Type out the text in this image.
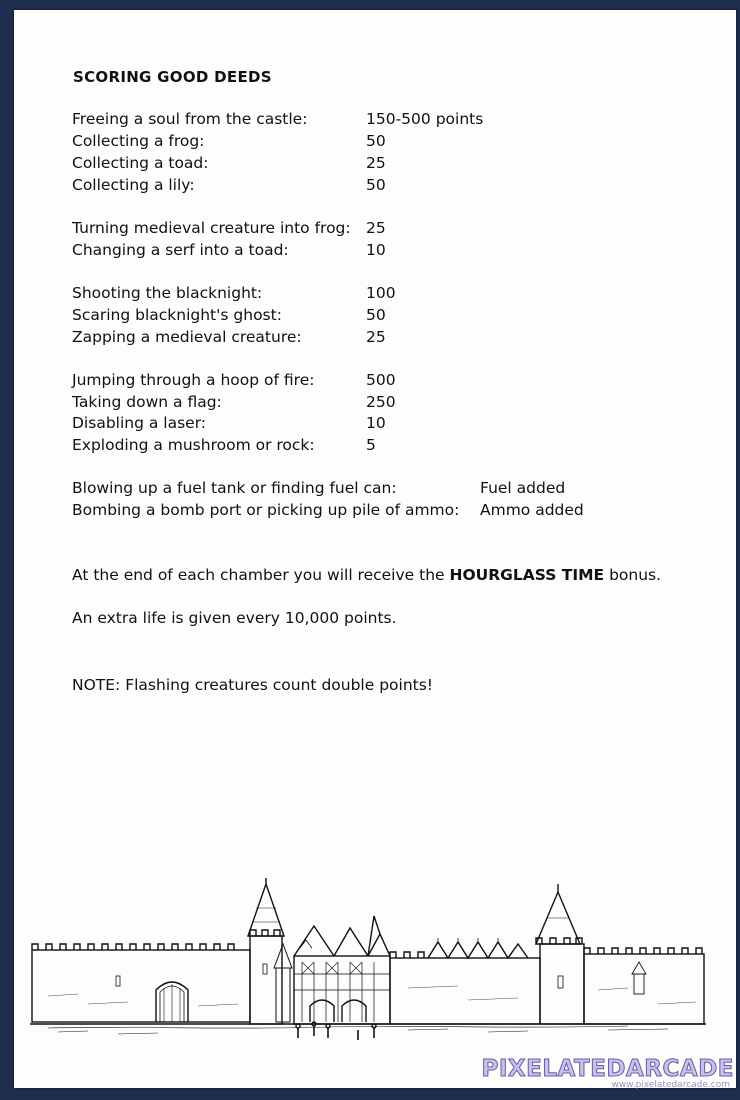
SCORING GOOD DEEDS
Freeing a soul from the castle:	150-500 points
Collecting a frog:	50
Collecting a toad:	25
Collecting a lily:	50
Turning medieval creature into frog: 25
Changing a serf into a toad:	10
Shooting the blacknight:	100
Scaring blacknight's ghost:	50
Zapping a medieval creature:	25
Jumping through a hoop of fire:	500
Taking down a flag:	250
Disabling a laser:	10
Exploding a mushroom or rock:	5
Blowing up a fuel tank or finding fuel can:	Fuel added
Bombing a bomb port or picking up pile of ammo: Ammo added
At the end of each chamber you will receive the HOURGLASS TIME bonus.
An extra life is given every 10,000 points.
NOTE: Flashing creatures count double points!
PIXELATEDARCADE
www.pixelatedarcade.com
